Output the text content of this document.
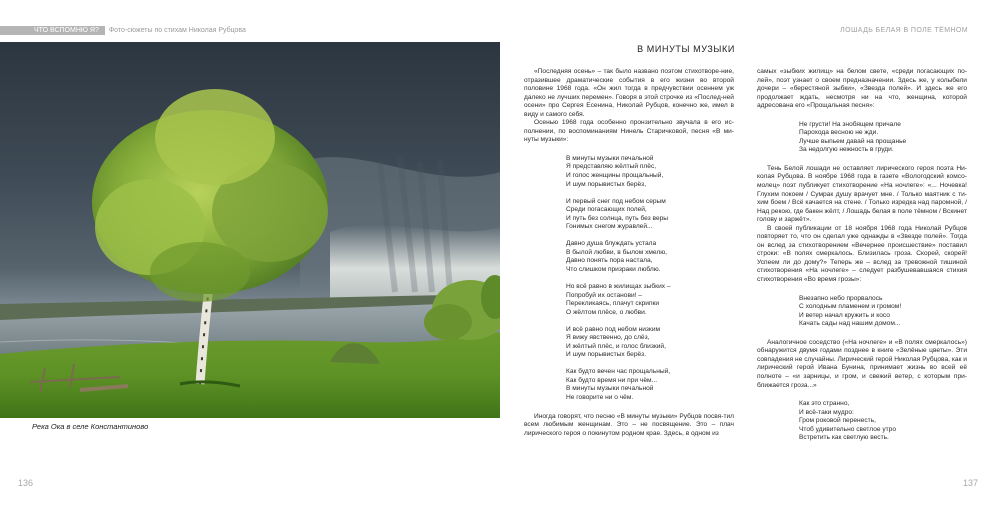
ЧТО ВСПОМНЮ Я? Фото-сюжеты по стихам Николая Рубцова
Река Ока в селе Константиново
136
ЛОШАДЬ БЕЛАЯ В ПОЛЕ ТЁМНОМ
137
В МИНУТЫ МУЗЫКИ

«Последняя осень» – так было названо поэтом стихотворе-ние, отразившее драматические события в его жизни во второй половине 1968 года. «Он жил тогда в предчувствии осеннем уж далеко не лучших перемен». Говоря в этой строчке из «Послед-ней осени» про Сергея Есенина, Николай Рубцов, конечно же, имел в виду и самого себя.

Осенью 1968 года особенно пронзительно звучала в его ис-полнении, по воспоминаниям Нинель Старичковой, песня «В ми-нуты музыки»:

В минуты музыки печальной
Я представляю жёлтый плёс,
И голос женщины прощальный,
И шум порывистых берёз,
И первый снег под небом серым
Среди погасающих полей,
И путь без солнца, путь без веры
Гонимых снегом журавлей...
Давно душа блуждать устала
В былой любви, в былом хмелю,
Давно понять пора настала,
Что слишком призраки люблю.
Но всё равно в жилищах зыбких –
Попробуй их останови! –
Перекликаясь, плачут скрипки
О жёлтом плёсе, о любви.
И всё равно под небом низким
Я вижу явственно, до слёз,
И жёлтый плёс, и голос близкий,
И шум порывистых берёз.
Как будто вечен час прощальный,
Как будто время ни при чём...
В минуты музыки печальной
Не говорите ни о чём.

Иногда говорят, что песню «В минуты музыки» Рубцов посвя-тил всем любимым женщинам. Это – не посвящение. Это – плач лирического героя о покинутом родном крае. Здесь, в одном из

самых «зыбких жилищ» на белом свете, «среди погасающих по-лей», поэт узнает о своем предназначении. Здесь же, у колыбели дочери – «берестяной зыбки», «Звезда полей». И здесь же его продолжает ждать, несмотря ни на что, женщина, которой адресована его «Прощальная песня»:

Не грусти! На знобящем причале
Парохода весною не жди.
Лучше выпьем давай на прощанье
За недолгую нежность в груди.

Тень Белой лошади не оставляет лирического героя поэта Ни-колая Рубцова. В ноябре 1968 года в газете «Вологодский комсо-молец» поэт публикует стихотворение «На ночлеге»: «... Ночевка! Глухим покоем / Сумрак душу врачует мне. / Только маятник с ти-хим боем / Всё качается на стене. / Только изредка над паромной, / Над рекою, где бакен жёлт, / Лошадь белая в поле тёмном / Вскинет голову и заржёт».

В своей публикации от 18 ноября 1968 года Николай Рубцов повторяет то, что он сделал уже однажды в «Звезде полей». Тогда он вслед за стихотворением «Вечернее происшествие» поставил строки: «В полях смеркалось. Близилась гроза. Скорей, скорей! Успеем ли до дому?» Теперь же – вслед за тревожной тишиной стихотворения «На ночлеге» – следует разбушевавшаяся стихия стихотворения «Во время грозы»:

Внезапно небо прорвалось
С холодным пламенем и громом!
И ветер начал кружить и косо
Качать сады над нашим домом...

Аналогичное соседство («На ночлеге» и «В полях смеркалось») обнаружится двумя годами позднее в книге «Зелёные цветы». Эти совпадения не случайны. Лирический герой Николая Рубцова, как и лирический герой Ивана Бунина, принимает жизнь во всей её полноте – «и зарницы, и гром, и свежий ветер, с которым при-ближается гроза...»

Как это странно,
И всё-таки мудро:
Гром роковой перенесть,
Чтоб удивительно светлое утро
Встретить как светлую весть.
